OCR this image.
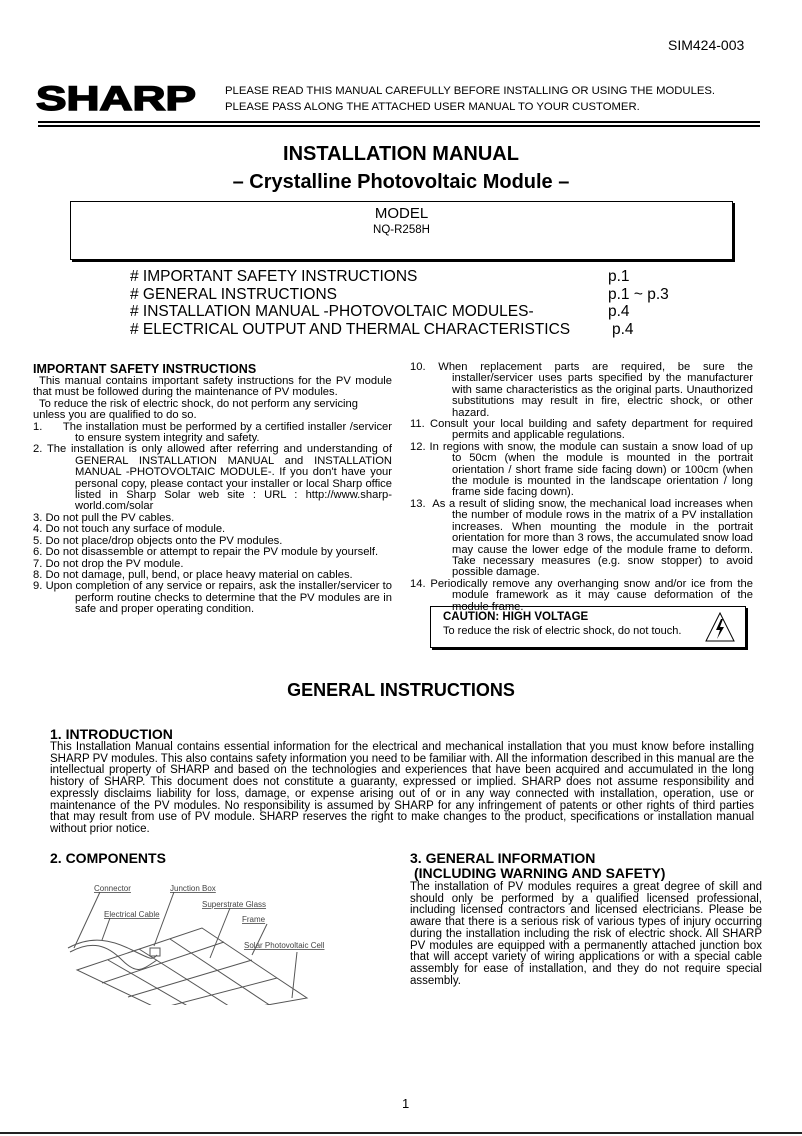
SIM424-003
SHARP	PLEASE READ THIS MANUAL CAREFULLY BEFORE INSTALLING OR USING THE MODULES.
PLEASE PASS ALONG THE ATTACHED USER MANUAL TO YOUR CUSTOMER.
INSTALLATION MANUAL
– Crystalline Photovoltaic Module –
MODEL
NQ-R258H
# IMPORTANT SAFETY INSTRUCTIONS	p.1
# GENERAL INSTRUCTIONS	p.1 ~ p.3
# INSTALLATION MANUAL -PHOTOVOLTAIC MODULES-	p.4
# ELECTRICAL OUTPUT AND THERMAL CHARACTERISTICS	p.4
IMPORTANT SAFETY INSTRUCTIONS
This manual contains important safety instructions for the PV module that must be followed during the maintenance of PV modules.
To reduce the risk of electric shock, do not perform any servicing unless you are qualified to do so.
1.      The installation must be performed by a certified installer /servicer to ensure system integrity and safety.
2. The installation is only allowed after referring and understanding of GENERAL INSTALLATION MANUAL and INSTALLATION MANUAL -PHOTOVOLTAIC MODULE-. If you don't have your personal copy, please contact your installer or local Sharp office listed in Sharp Solar web site : URL : http://www.sharp-world.com/solar
3. Do not pull the PV cables.
4. Do not touch any surface of module.
5. Do not place/drop objects onto the PV modules.
6. Do not disassemble or attempt to repair the PV module by yourself.
7. Do not drop the PV module.
8. Do not damage, pull, bend, or place heavy material on cables.
9. Upon completion of any service or repairs, ask the installer/servicer to perform routine checks to determine that the PV modules are in safe and proper operating condition.
10. When replacement parts are required, be sure the installer/servicer uses parts specified by the manufacturer with same characteristics as the original parts. Unauthorized substitutions may result in fire, electric shock, or other hazard.
11. Consult your local building and safety department for required permits and applicable regulations.
12. In regions with snow, the module can sustain a snow load of up to 50cm (when the module is mounted in the portrait orientation / short frame side facing down) or 100cm (when the module is mounted in the landscape orientation / long frame side facing down).
13.  As a result of sliding snow, the mechanical load increases when the number of module rows in the matrix of a PV installation increases. When mounting the module in the portrait orientation for more than 3 rows, the accumulated snow load may cause the lower edge of the module frame to deform. Take necessary measures (e.g. snow stopper) to avoid possible damage.
14. Periodically remove any overhanging snow and/or ice from the module framework as it may cause deformation of the module frame.
CAUTION: HIGH VOLTAGE
To reduce the risk of electric shock, do not touch.
GENERAL INSTRUCTIONS
1. INTRODUCTION
This Installation Manual contains essential information for the electrical and mechanical installation that you must know before installing SHARP PV modules. This also contains safety information you need to be familiar with. All the information described in this manual are the intellectual property of SHARP and based on the technologies and experiences that have been acquired and accumulated in the long history of SHARP. This document does not constitute a guaranty, expressed or implied. SHARP does not assume responsibility and expressly disclaims liability for loss, damage, or expense arising out of or in any way connected with installation, operation, use or maintenance of the PV modules. No responsibility is assumed by SHARP for any infringement of patents or other rights of third parties that may result from use of PV module. SHARP reserves the right to make changes to the product, specifications or installation manual without prior notice.
2. COMPONENTS
Connector	Junction Box
Superstrate Glass
Electrical Cable
Frame
Solar Photovoltaic Cell
3. GENERAL INFORMATION
(INCLUDING WARNING AND SAFETY)
The installation of PV modules requires a great degree of skill and should only be performed by a qualified licensed professional, including licensed contractors and licensed electricians. Please be aware that there is a serious risk of various types of injury occurring during the installation including the risk of electric shock. All SHARP PV modules are equipped with a permanently attached junction box that will accept variety of wiring applications or with a special cable assembly for ease of installation, and they do not require special assembly.
1
